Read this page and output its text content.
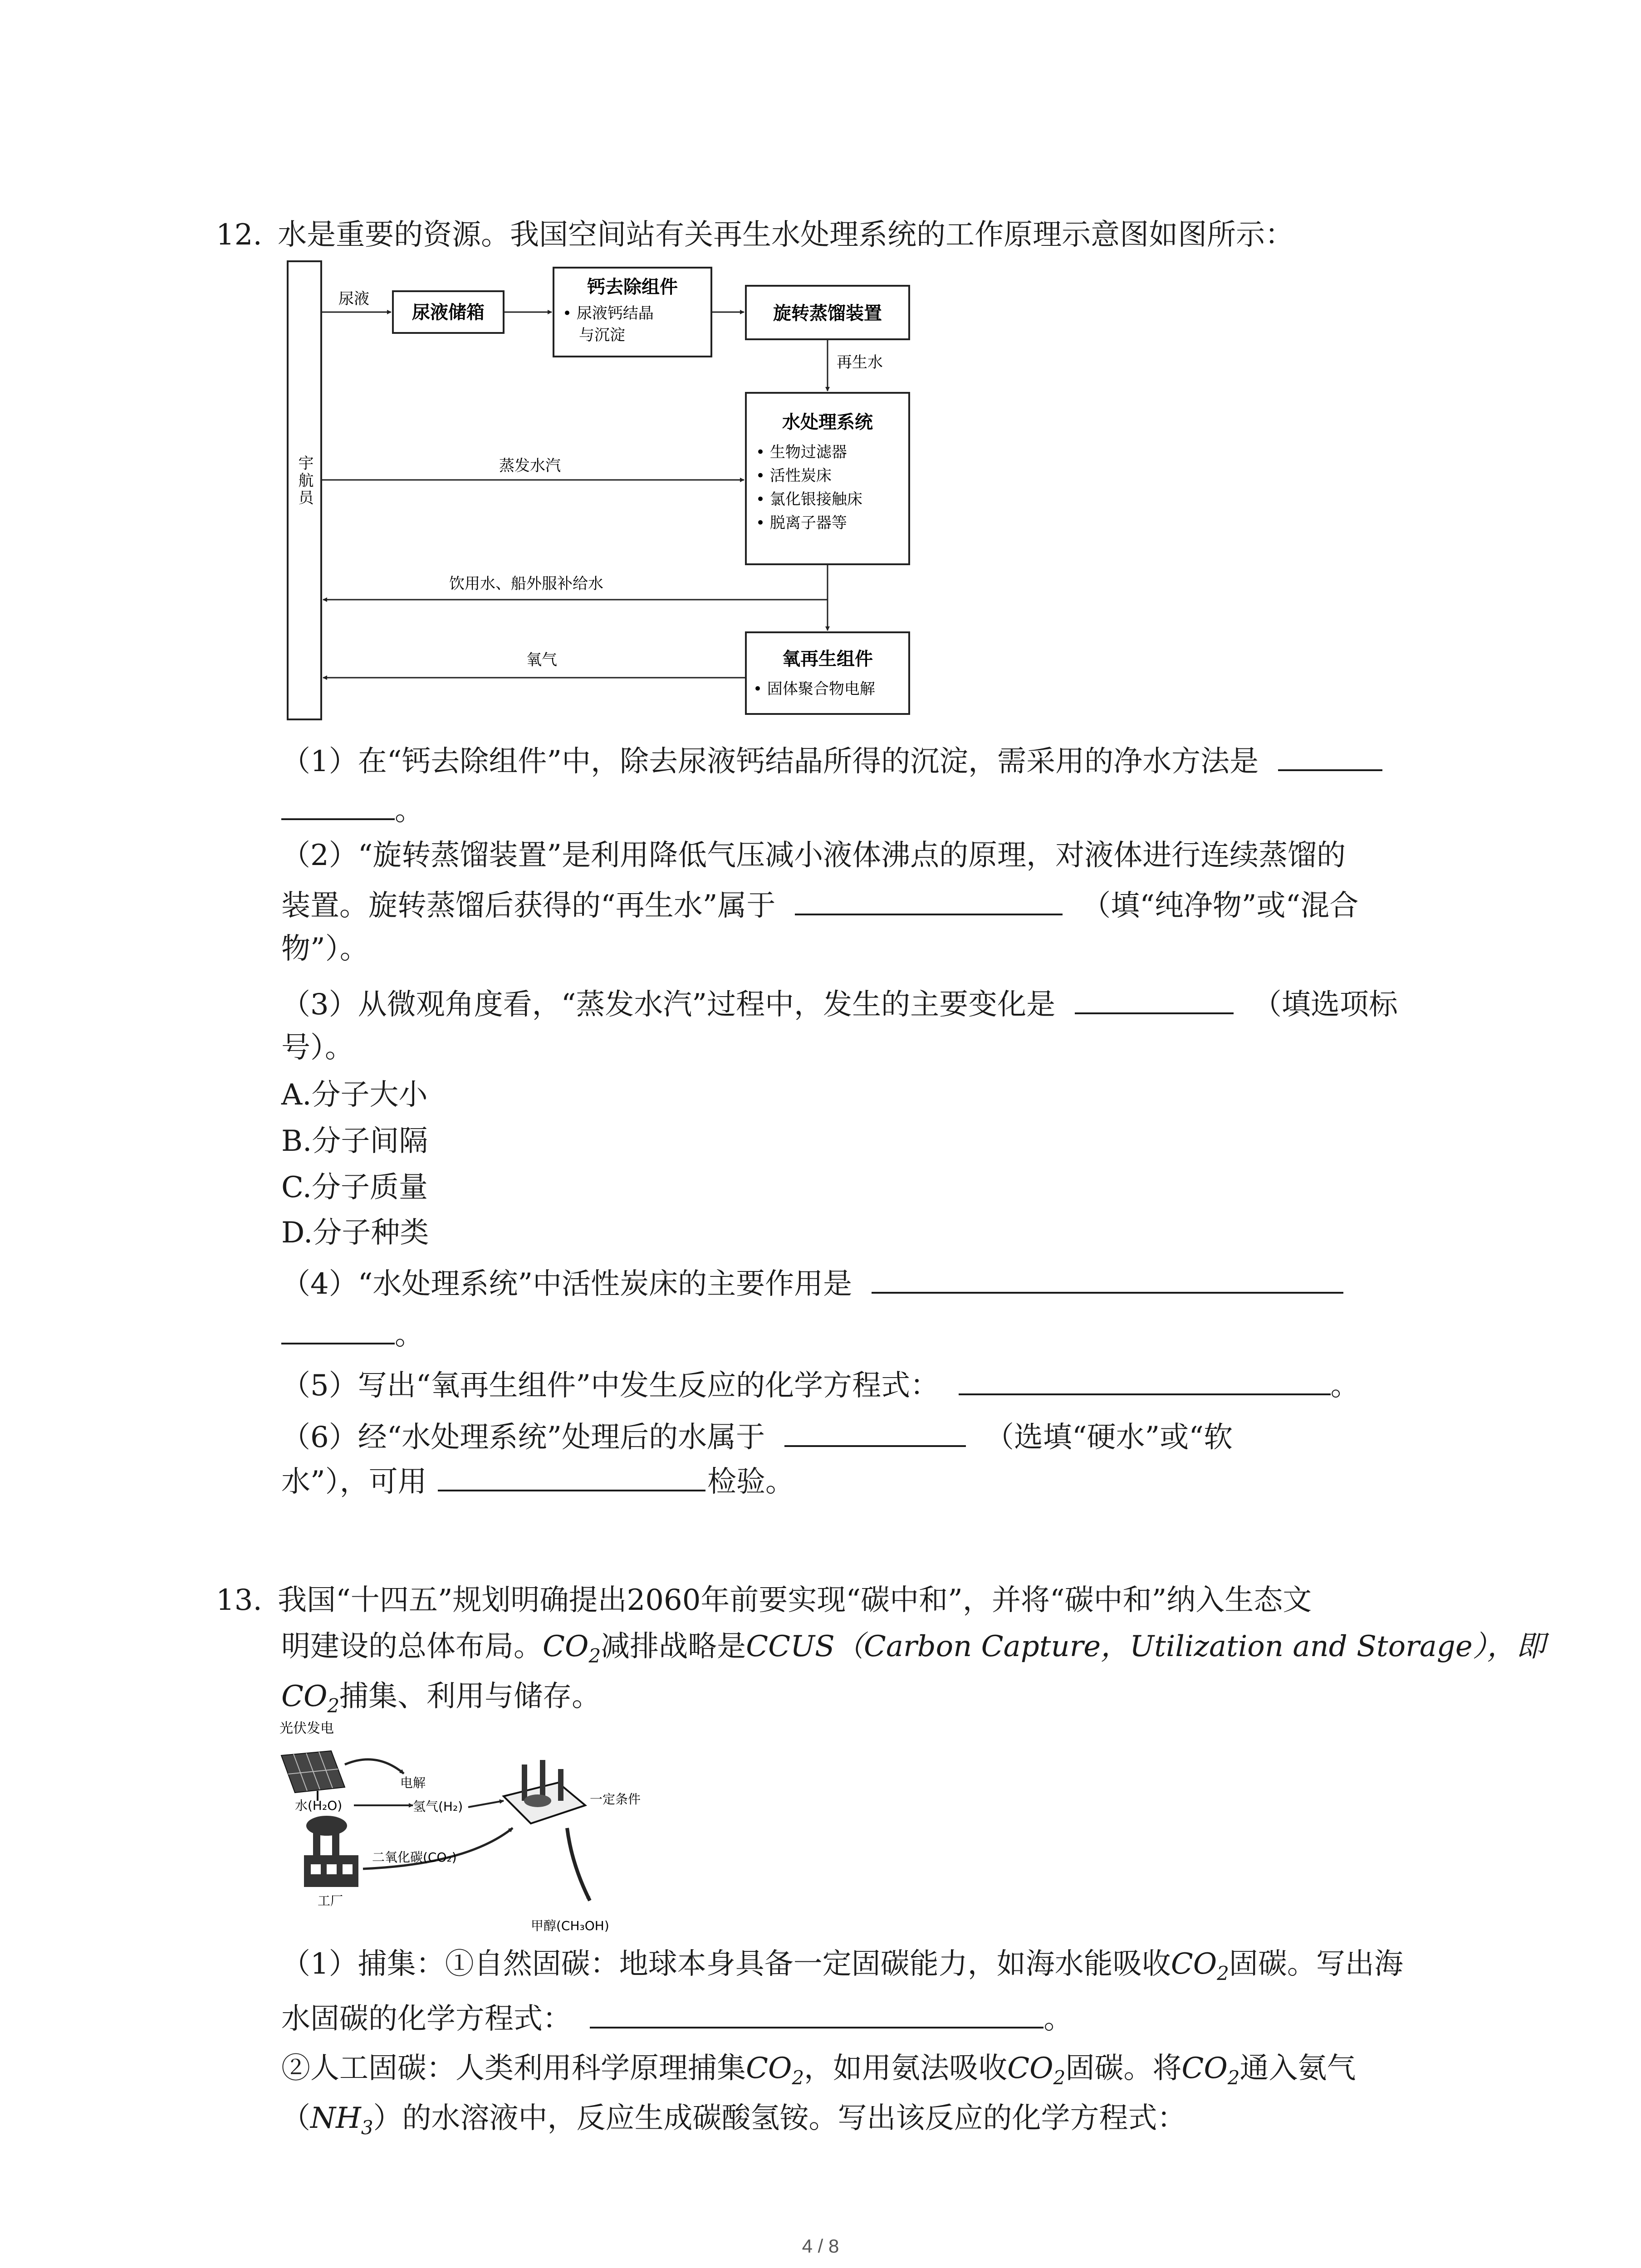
12. 水是重要的资源。我国空间站有关再生水处理系统的工作原理示意图如图所示：
宇航员
尿液
尿液储箱
钙去除组件
• 尿液钙结晶
与沉淀
旋转蒸馏装置
再生水
水处理系统
• 生物过滤器
• 活性炭床
• 氯化银接触床
• 脱离子器等
蒸发水汽
饮用水、船外服补给水
氧再生组件
• 固体聚合物电解
氧气
（1）在“钙去除组件”中，除去尿液钙结晶所得的沉淀，需采用的净水方法是
。
（2）“旋转蒸馏装置”是利用降低气压减小液体沸点的原理，对液体进行连续蒸馏的
装置。旋转蒸馏后获得的“再生水”属于	（填“纯净物”或“混合
物”）。
（3）从微观角度看，“蒸发水汽”过程中，发生的主要变化是	（填选项标
号）。
A.分子大小
B.分子间隔
C.分子质量
D.分子种类
（4）“水处理系统”中活性炭床的主要作用是
。
（5）写出“氧再生组件”中发生反应的化学方程式：	。
（6）经“水处理系统”处理后的水属于	（选填“硬水”或“软
水”），可用	检验。
13. 我国“十四五”规划明确提出2060年前要实现“碳中和”，并将“碳中和”纳入生态文
明建设的总体布局。$CO_2$减排战略是CCUS（Carbon Capture，Utilization and Storage），即
$CO_2$捕集、利用与储存。
光伏发电
电解
水(H₂O)	氢气(H₂)	一定条件
工厂
二氧化碳(CO₂)
甲醇(CH₃OH)
（1）捕集：①自然固碳：地球本身具备一定固碳能力，如海水能吸收$CO_2$固碳。写出海
水固碳的化学方程式：	。
②人工固碳：人类利用科学原理捕集$CO_2$，如用氨法吸收$CO_2$固碳。将$CO_2$通入氨气
$(NH_3)$的水溶液中，反应生成碳酸氢铵。写出该反应的化学方程式：
4 / 8
